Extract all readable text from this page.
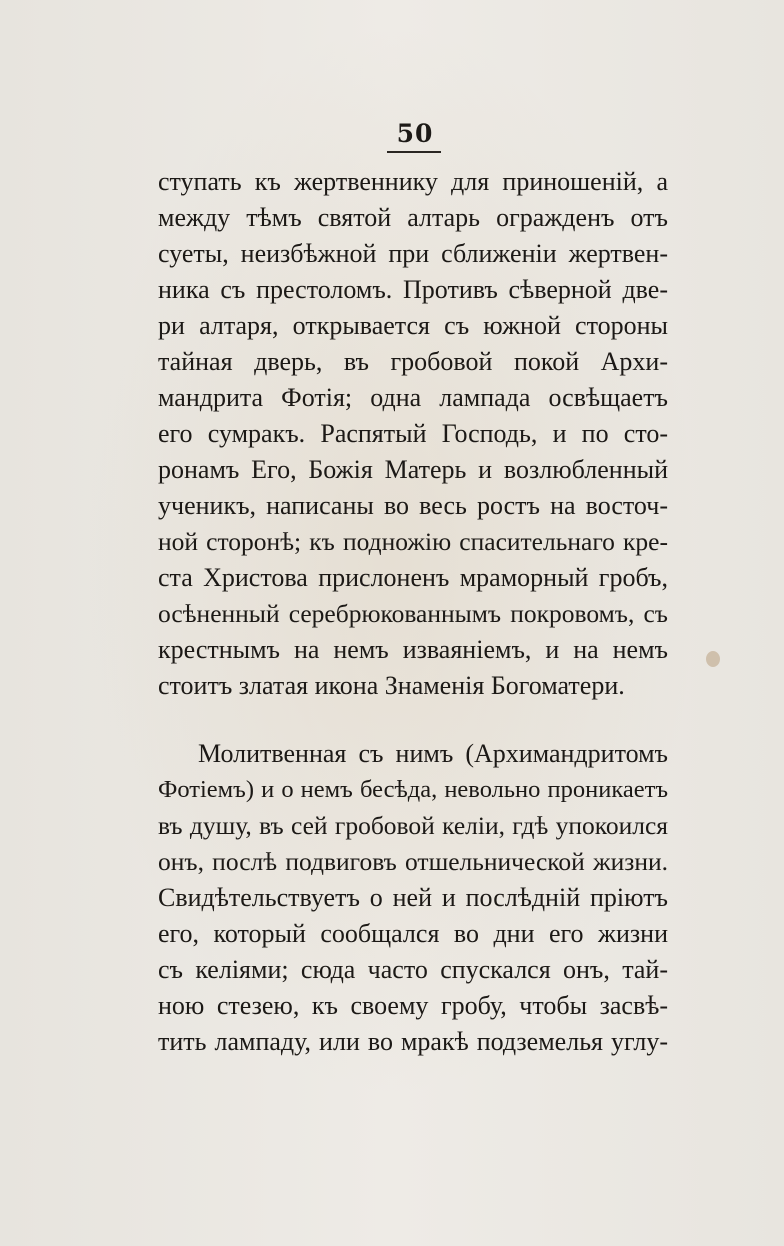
50
ступать къ жертвеннику для приношеній, а
между тѣмъ святой алтарь огражденъ отъ
суеты, неизбѣжной при сближеніи жертвен-
ника съ престоломъ. Противъ сѣверной две-
ри алтаря, открывается съ южной стороны
тайная дверь, въ гробовой покой Архи-
мандрита Фотія; одна лампада освѣщаетъ
его сумракъ. Распятый Господь, и по сто-
ронамъ Его, Божія Матерь и возлюбленный
ученикъ, написаны во весь ростъ на восточ-
ной сторонѣ; къ подножію спасительнаго кре-
ста Христова прислоненъ мраморный гробъ,
осѣненный серебрюкованнымъ покровомъ, съ
крестнымъ на немъ изваяніемъ, и на немъ
стоитъ златая икона Знаменія Богоматери.
Молитвенная съ нимъ (Архимандритомъ
Фотіемъ) и о немъ бесѣда, невольно проникаетъ
въ душу, въ сей гробовой келіи, гдѣ упокоился
онъ, послѣ подвиговъ отшельнической жизни.
Свидѣтельствуетъ о ней и послѣдній пріютъ
его, который сообщался во дни его жизни
съ келіями; сюда часто спускался онъ, тай-
ною стезею, къ своему гробу, чтобы засвѣ-
тить лампаду, или во мракѣ подземелья углу-
